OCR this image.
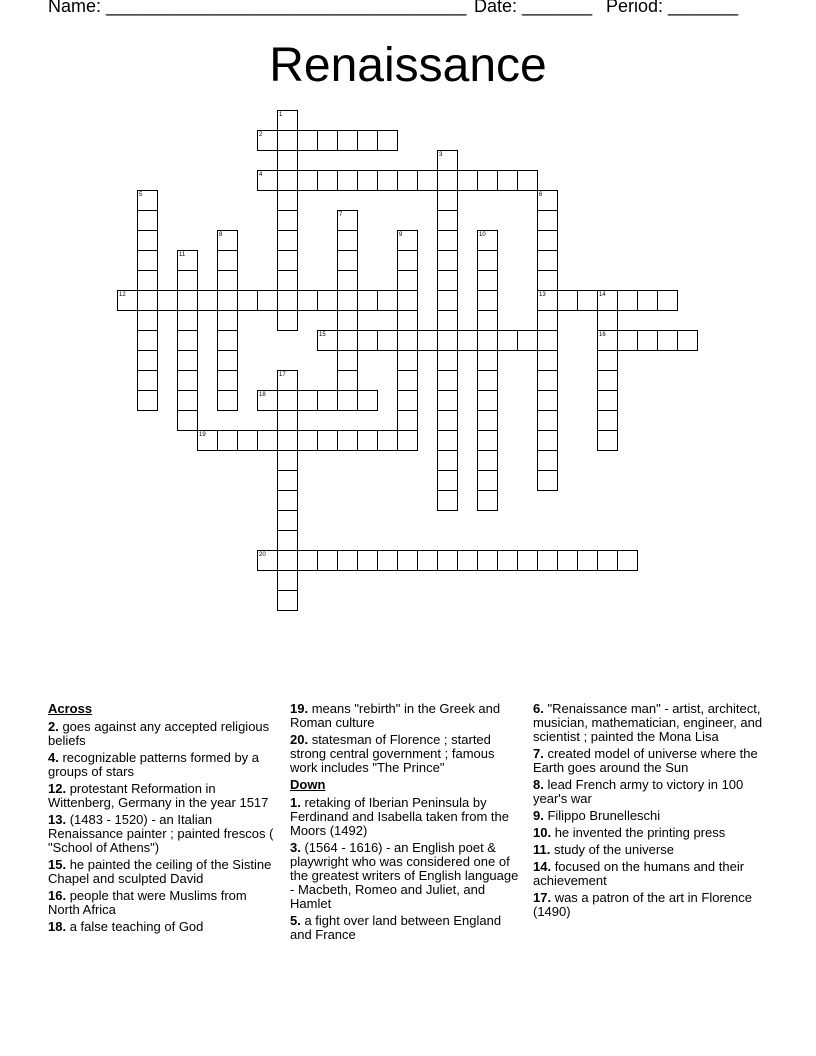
Name: ____________________________________ Date: _______ Period: _______
Renaissance
1
2
3
4
5	6
13
7
8	9	10
11
12	14
16
15
17
18
19
20
Across
2. goes against any accepted religious beliefs
4. recognizable patterns formed by a groups of stars
12. protestant Reformation in Wittenberg, Germany in the year 1517
13. (1483 - 1520) - an Italian Renaissance painter ; painted frescos ( "School of Athens")
15. he painted the ceiling of the Sistine Chapel and sculpted David
16. people that were Muslims from North Africa
18. a false teaching of God
19. means "rebirth" in the Greek and Roman culture
20. statesman of Florence ; started strong central government ; famous work includes "The Prince"
Down
1. retaking of Iberian Peninsula by Ferdinand and Isabella taken from the Moors (1492)
3. (1564 - 1616) - an English poet & playwright who was considered one of the greatest writers of English language - Macbeth, Romeo and Juliet, and Hamlet
5. a fight over land between England and France
6. "Renaissance man" - artist, architect, musician, mathematician, engineer, and scientist ; painted the Mona Lisa
7. created model of universe where the Earth goes around the Sun
8. lead French army to victory in 100 year's war
9. Filippo Brunelleschi
10. he invented the printing press
11. study of the universe
14. focused on the humans and their achievement
17. was a patron of the art in Florence (1490)
